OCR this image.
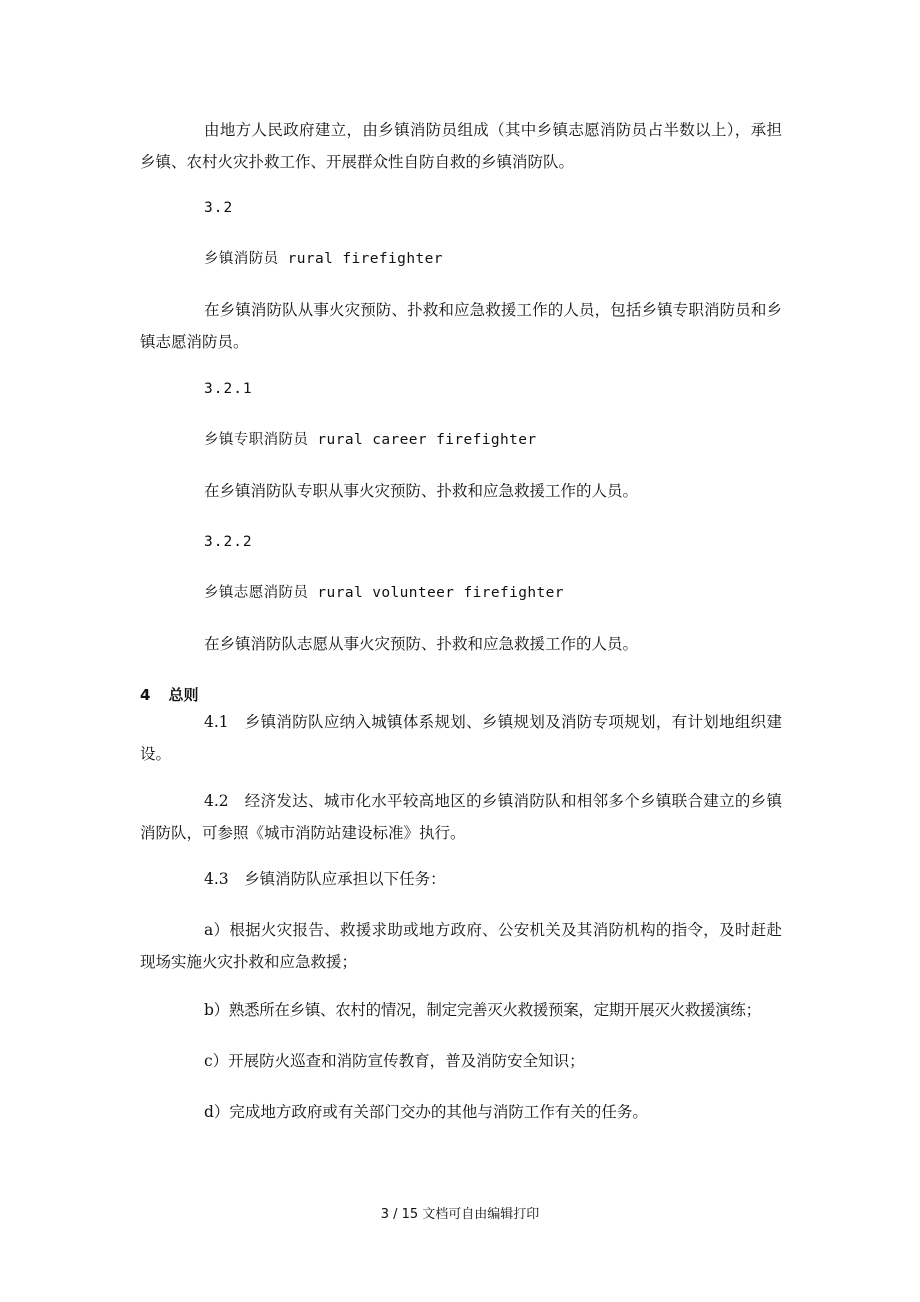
由地方人民政府建立，由乡镇消防员组成（其中乡镇志愿消防员占半数以上），承担乡镇、农村火灾扑救工作、开展群众性自防自救的乡镇消防队。

3.2

乡镇消防员 rural firefighter

在乡镇消防队从事火灾预防、扑救和应急救援工作的人员，包括乡镇专职消防员和乡镇志愿消防员。

3.2.1

乡镇专职消防员 rural career firefighter

在乡镇消防队专职从事火灾预防、扑救和应急救援工作的人员。

3.2.2

乡镇志愿消防员 rural volunteer firefighter

在乡镇消防队志愿从事火灾预防、扑救和应急救援工作的人员。

4 总则

4.1　乡镇消防队应纳入城镇体系规划、乡镇规划及消防专项规划，有计划地组织建设。

4.2　经济发达、城市化水平较高地区的乡镇消防队和相邻多个乡镇联合建立的乡镇消防队，可参照《城市消防站建设标准》执行。

4.3　乡镇消防队应承担以下任务：

a）根据火灾报告、救援求助或地方政府、公安机关及其消防机构的指令，及时赶赴现场实施火灾扑救和应急救援；

b）熟悉所在乡镇、农村的情况，制定完善灭火救援预案，定期开展灭火救援演练；

c）开展防火巡查和消防宣传教育，普及消防安全知识；

d）完成地方政府或有关部门交办的其他与消防工作有关的任务。

3 / 15 文档可自由编辑打印
